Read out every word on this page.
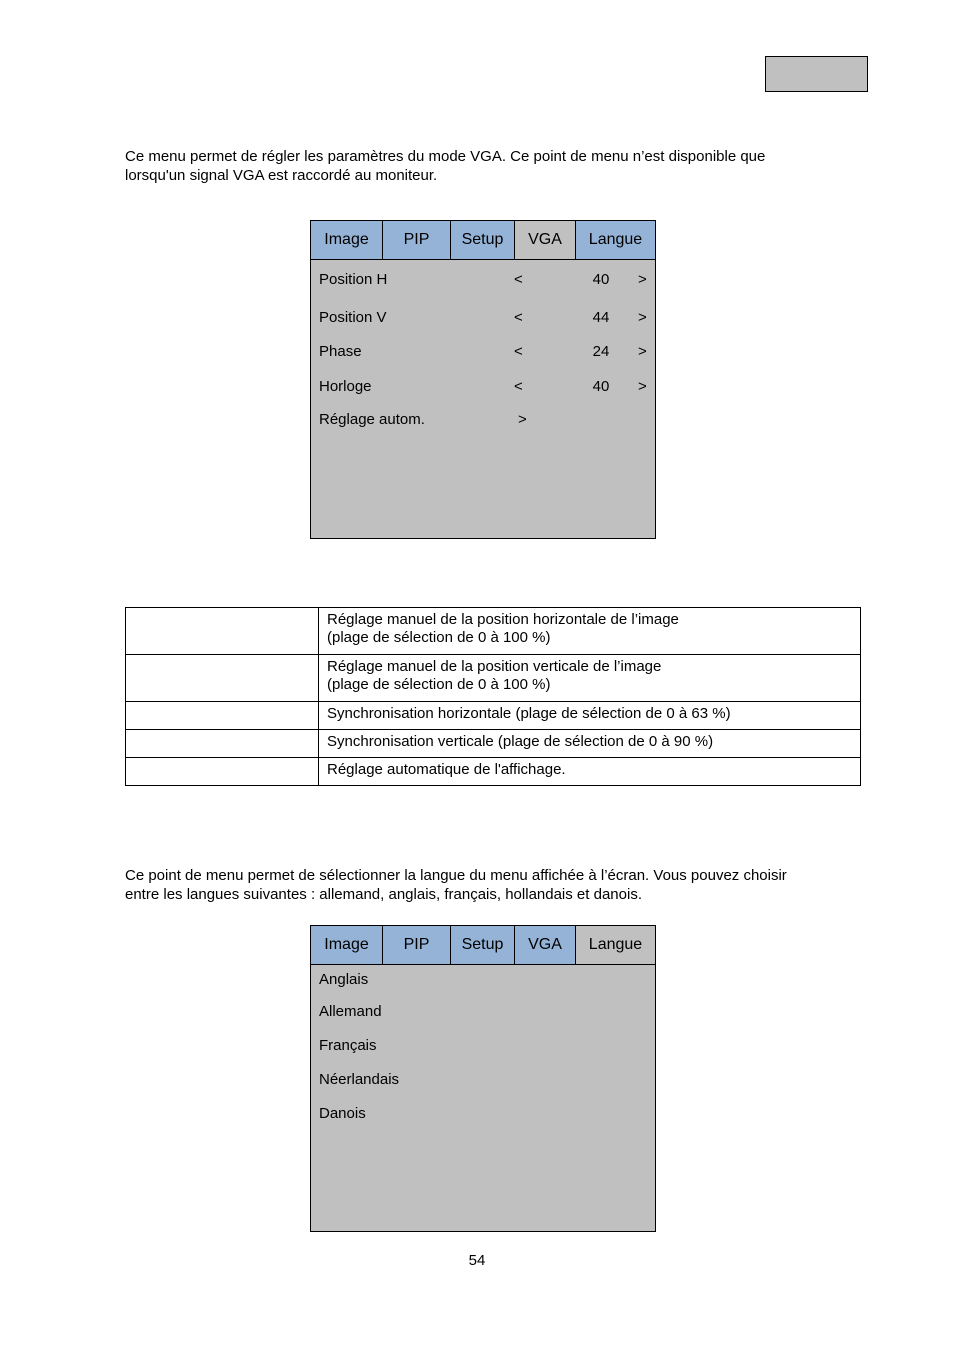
Ce menu permet de régler les paramètres du mode VGA. Ce point de menu n’est disponible que
lorsqu'un signal VGA est raccordé au moniteur.
Image	PIP	Setup	VGA	Langue
Position H	<	40	>
Position V	<	44	>
Phase	<	24	>
Horloge	<	40	>
Réglage autom.	>
	Réglage manuel de la position horizontale de l’image
(plage de sélection de 0 à 100 %)
	Réglage manuel de la position verticale de l’image
(plage de sélection de 0 à 100 %)
	Synchronisation horizontale (plage de sélection de 0 à 63 %)
	Synchronisation verticale (plage de sélection de 0 à 90 %)
	Réglage automatique de l'affichage.
Ce point de menu permet de sélectionner la langue du menu affichée à l’écran. Vous pouvez choisir
entre les langues suivantes : allemand, anglais, français, hollandais et danois.
Image	PIP	Setup	VGA	Langue
Anglais
Allemand
Français
Néerlandais
Danois
54
